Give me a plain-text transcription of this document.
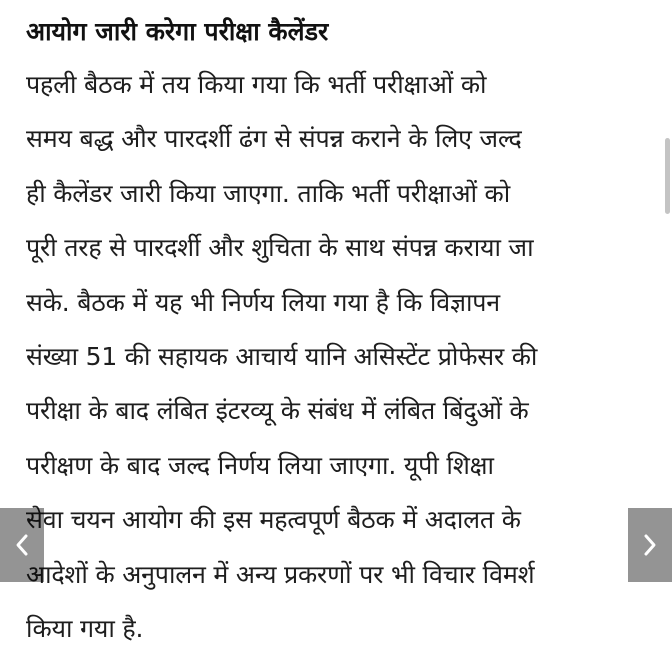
आयोग जारी करेगा परीक्षा कैलेंडर
पहली बैठक में तय किया गया कि भर्ती परीक्षाओं को
समय बद्ध और पारदर्शी ढंग से संपन्न कराने के लिए जल्द
ही कैलेंडर जारी किया जाएगा. ताकि भर्ती परीक्षाओं को
पूरी तरह से पारदर्शी और शुचिता के साथ संपन्न कराया जा
सके. बैठक में यह भी निर्णय लिया गया है कि विज्ञापन
संख्या 51 की सहायक आचार्य यानि असिस्टेंट प्रोफेसर की
परीक्षा के बाद लंबित इंटरव्यू के संबंध में लंबित बिंदुओं के
परीक्षण के बाद जल्द निर्णय लिया जाएगा. यूपी शिक्षा
सेवा चयन आयोग की इस महत्वपूर्ण बैठक में अदालत के
आदेशों के अनुपालन में अन्य प्रकरणों पर भी विचार विमर्श
किया गया है.
